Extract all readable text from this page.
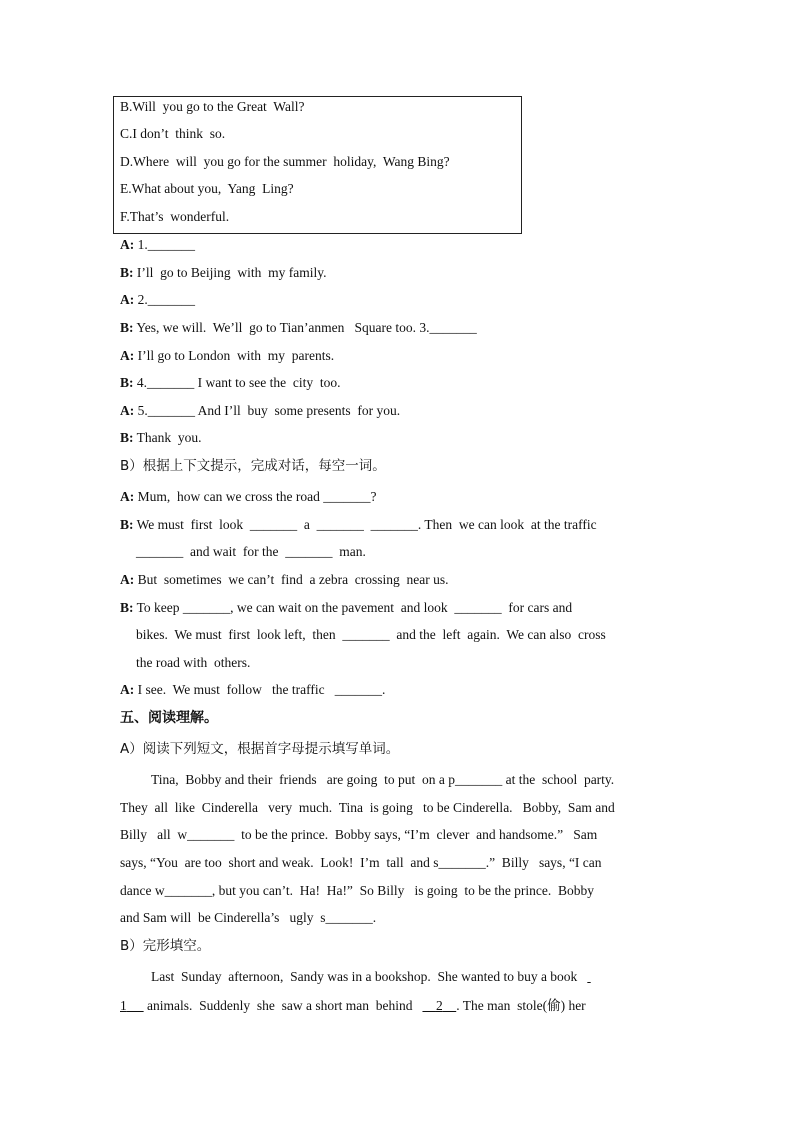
B.Will  you go to the Great  Wall?
C.I don’t  think  so.
D.Where  will  you go for the summer  holiday,  Wang Bing?
E.What about you,  Yang  Ling?
F.That’s  wonderful.
A: 1._______
B: I’ll  go to Beijing  with  my family.
A: 2._______
B: Yes, we will.  We’ll  go to Tian’anmen   Square too. 3._______
A: I’ll go to London  with  my  parents.
B: 4._______ I want to see the  city  too.
A: 5._______ And I’ll  buy  some presents  for you.
B: Thank  you.
B）根据上下文提示，完成对话，每空一词。
A: Mum,  how can we cross the road _______?
B: We must  first  look  _______  a  _______  _______. Then  we can look  at the traffic
_______  and wait  for the  _______  man.
A: But  sometimes  we can’t  find  a zebra  crossing  near us.
B: To keep _______, we can wait on the pavement  and look  _______  for cars and
bikes.  We must  first  look left,  then  _______  and the  left  again.  We can also  cross
the road with  others.
A: I see.  We must  follow   the traffic   _______.
五、阅读理解。
A）阅读下列短文，根据首字母提示填写单词。
Tina,  Bobby and their  friends   are going  to put  on a p_______ at the  school  party.
They  all  like  Cinderella   very  much.  Tina  is going   to be Cinderella.   Bobby,  Sam and
Billy   all  w_______  to be the prince.  Bobby says, “I’m  clever  and handsome.”   Sam
says, “You  are too  short and weak.  Look!  I’m  tall  and s_______.”  Billy   says, “I can
dance w_______, but you can’t.  Ha!  Ha!”  So Billy   is going  to be the prince.  Bobby
and Sam will  be Cinderella’s   ugly  s_______.
B）完形填空。
Last  Sunday  afternoon,  Sandy was in a bookshop.  She wanted to buy a book
1      animals.  Suddenly  she  saw a short man  behind 2 . The man  stole(偷) her
